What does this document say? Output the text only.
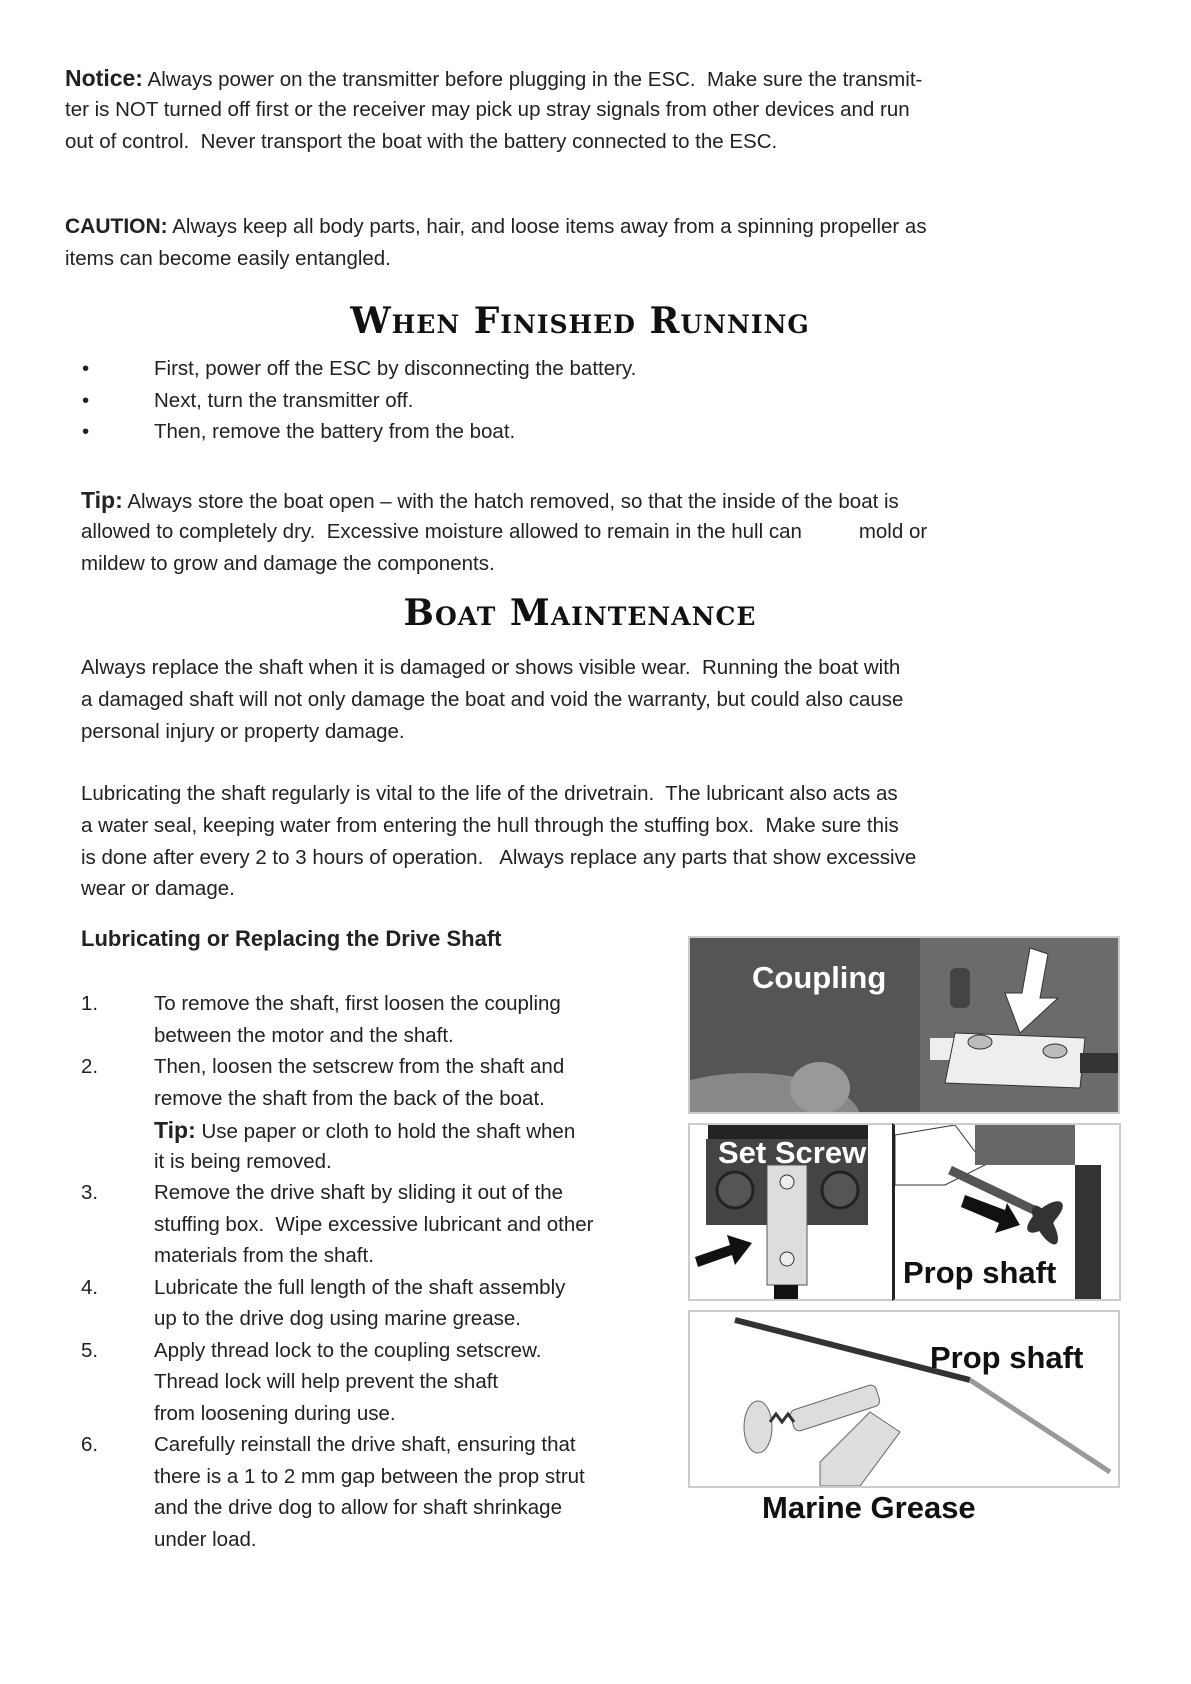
Notice: Always power on the transmitter before plugging in the ESC.  Make sure the transmit-
ter is NOT turned off first or the receiver may pick up stray signals from other devices and run
out of control.  Never transport the boat with the battery connected to the ESC.
CAUTION: Always keep all body parts, hair, and loose items away from a spinning propeller as
items can become easily entangled.
When Finished Running
•	First, power off the ESC by disconnecting the battery.
•	Next, turn the transmitter off.
•	Then, remove the battery from the boat.
Tip: Always store the boat open – with the hatch removed, so that the inside of the boat is
allowed to completely dry.  Excessive moisture allowed to remain in the hull can          mold or
mildew to grow and damage the components.
Boat Maintenance
Always replace the shaft when it is damaged or shows visible wear.  Running the boat with
a damaged shaft will not only damage the boat and void the warranty, but could also cause
personal injury or property damage.
Lubricating the shaft regularly is vital to the life of the drivetrain.  The lubricant also acts as
a water seal, keeping water from entering the hull through the stuffing box.  Make sure this
is done after every 2 to 3 hours of operation.   Always replace any parts that show excessive
wear or damage.
Lubricating or Replacing the Drive Shaft
1.	To remove the shaft, first loosen the coupling
between the motor and the shaft.
2.	Then, loosen the setscrew from the shaft and
remove the shaft from the back of the boat.
Tip: Use paper or cloth to hold the shaft when
it is being removed.
3.	Remove the drive shaft by sliding it out of the
stuffing box.  Wipe excessive lubricant and other
materials from the shaft.
4.	Lubricate the full length of the shaft assembly
up to the drive dog using marine grease.
5.	Apply thread lock to the coupling setscrew.
Thread lock will help prevent the shaft
from loosening during use.
6.	Carefully reinstall the drive shaft, ensuring that
there is a 1 to 2 mm gap between the prop strut
and the drive dog to allow for shaft shrinkage
under load.
Coupling
Set Screw
Prop shaft
Prop shaft
Marine Grease
